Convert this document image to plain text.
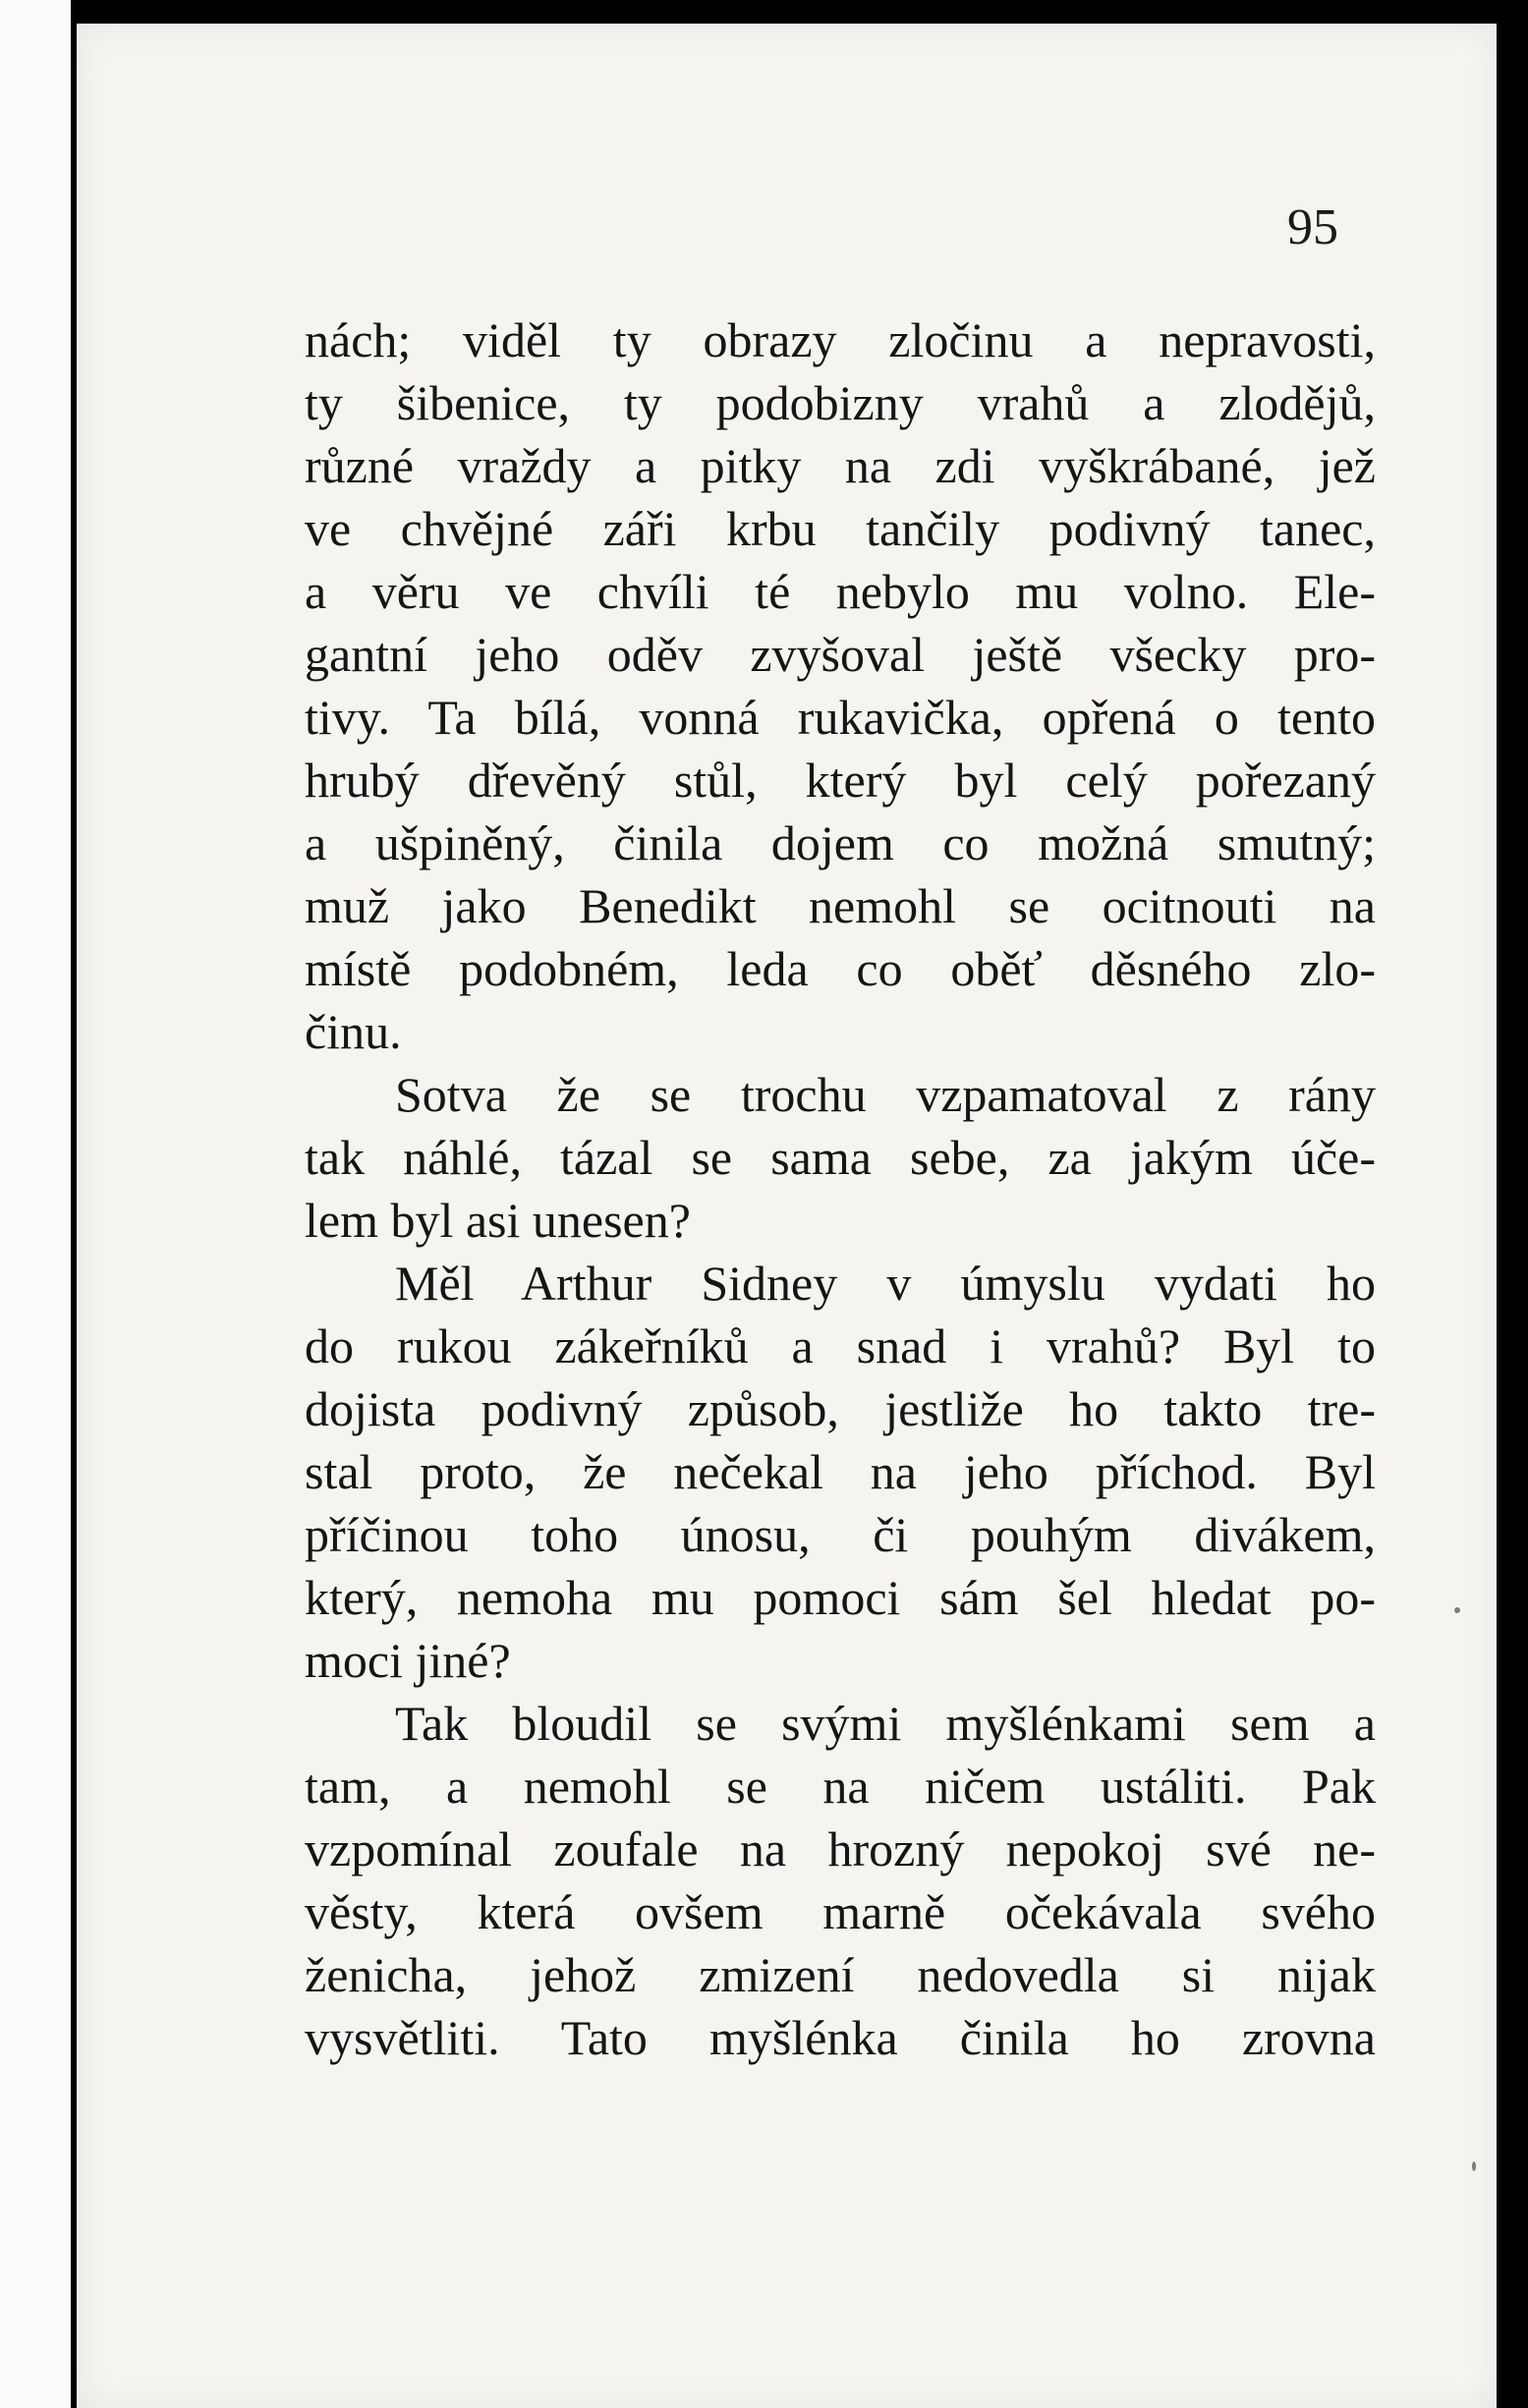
95
nách; viděl ty obrazy zločinu a nepravosti,
ty šibenice, ty podobizny vrahů a zlodějů,
různé vraždy a pitky na zdi vyškrábané, jež
ve chvějné záři krbu tančily podivný tanec,
a věru ve chvíli té nebylo mu volno. Ele-
gantní jeho oděv zvyšoval ještě všecky pro-
tivy. Ta bílá, vonná rukavička, opřená o tento
hrubý dřevěný stůl, který byl celý pořezaný
a ušpiněný, činila dojem co možná smutný;
muž jako Benedikt nemohl se ocitnouti na
místě podobném, leda co oběť děsného zlo-
činu.
Sotva že se trochu vzpamatoval z rány
tak náhlé, tázal se sama sebe, za jakým úče-
lem byl asi unesen?
Měl Arthur Sidney v úmyslu vydati ho
do rukou zákeřníků a snad i vrahů? Byl to
dojista podivný způsob, jestliže ho takto tre-
stal proto, že nečekal na jeho příchod. Byl
příčinou toho únosu, či pouhým divákem,
který, nemoha mu pomoci sám šel hledat po-
moci jiné?
Tak bloudil se svými myšlénkami sem a
tam, a nemohl se na ničem ustáliti. Pak
vzpomínal zoufale na hrozný nepokoj své ne-
věsty, která ovšem marně očekávala svého
ženicha, jehož zmizení nedovedla si nijak
vysvětliti. Tato myšlénka činila ho zrovna
